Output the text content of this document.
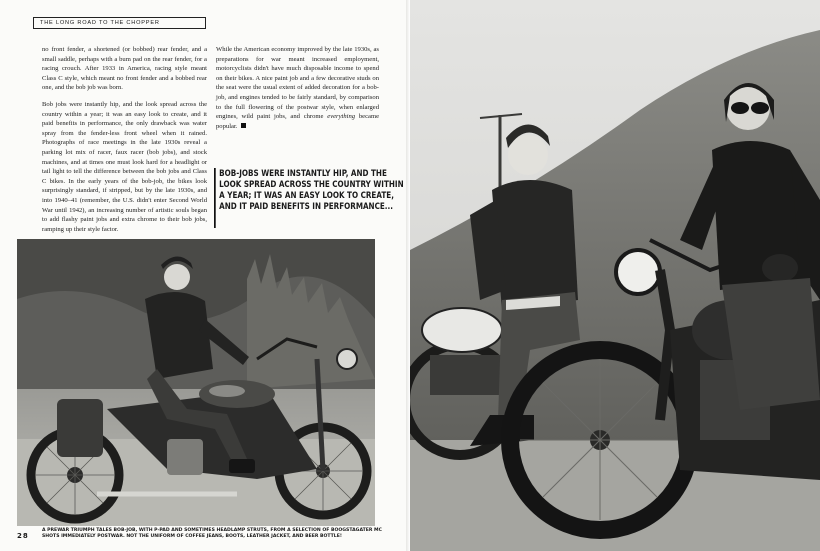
THE LONG ROAD TO THE CHOPPER

no front fender, a shortened (or bobbed) rear fender, and a small saddle, perhaps with a bum pad on the rear fender, for a racing crouch. After 1933 in America, racing style meant Class C style, which meant no front fender and a bobbed rear one, and the bob job was born.

Bob jobs were instantly hip, and the look spread across the country within a year; it was an easy look to create, and it paid benefits in performance, the only drawback was water spray from the fender-less front wheel when it rained. Photographs of race meetings in the late 1930s reveal a parking lot mix of racer, faux racer (bob jobs), and stock machines, and at times one must look hard for a headlight or tail light to tell the difference between the bob jobs and Class C bikes. In the early years of the bob-job, the bikes look surprisingly standard, if stripped, but by the late 1930s, and into 1940–41 (remember, the U.S. didn't enter Second World War until 1942), an increasing number of artistic souls began to add flashy paint jobs and extra chrome to their bob jobs, ramping up their style factor.

While the American economy improved by the late 1930s, as preparations for war meant increased employment, motorcyclists didn't have much disposable income to spend on their bikes. A nice paint job and a few decorative studs on the seat were the usual extent of added decoration for a bob-job, and engines tended to be fairly standard, by comparison to the full flowering of the postwar style, when enlarged engines, wild paint jobs, and chrome everything became popular.

BOB-JOBS WERE INSTANTLY HIP, AND THE
LOOK SPREAD ACROSS THE COUNTRY WITHIN
A YEAR; IT WAS AN EASY LOOK TO CREATE,
AND IT PAID BENEFITS IN PERFORMANCE...
28
A PREWAR TRIUMPH TALES BOB-JOB, WITH P-PAD AND SOMETIMES HEADLAMP STRUTS, FROM A SELECTION OF BOOGSTAGATER MC SHOTS IMMEDIATELY POSTWAR. NOT THE UNIFORM OF COFFEE JEANS, BOOTS, LEATHER JACKET, AND BEER BOTTLE!
